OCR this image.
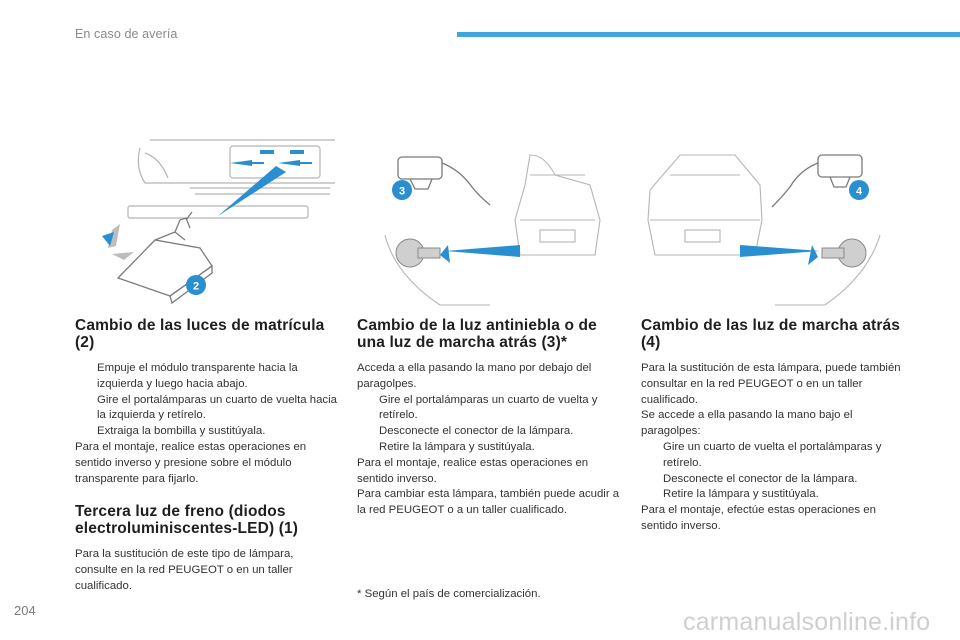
En caso de avería
2
3	4
Cambio de las luces de matrícula (2)
Empuje el módulo transparente hacia la izquierda y luego hacia abajo.
Gire el portalámparas un cuarto de vuelta hacia la izquierda y retírelo.
Extraiga la bombilla y sustitúyala.

Para el montaje, realice estas operaciones en sentido inverso y presione sobre el módulo transparente para fijarlo.

Tercera luz de freno (diodos electroluminiscentes-LED) (1)

Para la sustitución de este tipo de lámpara, consulte en la red PEUGEOT o en un taller cualificado.

Cambio de la luz antiniebla o de una luz de marcha atrás (3)*

Acceda a ella pasando la mano por debajo del paragolpes.

Gire el portalámparas un cuarto de vuelta y retírelo.
Desconecte el conector de la lámpara.
Retire la lámpara y sustitúyala.

Para el montaje, realice estas operaciones en sentido inverso.

Para cambiar esta lámpara, también puede acudir a la red PEUGEOT o a un taller cualificado.

Cambio de las luz de marcha atrás (4)

Para la sustitución de esta lámpara, puede también consultar en la red PEUGEOT o en un taller cualificado.

Se accede a ella pasando la mano bajo el paragolpes:

Gire un cuarto de vuelta el portalámparas y retírelo.
Desconecte el conector de la lámpara.
Retire la lámpara y sustitúyala.

Para el montaje, efectúe estas operaciones en sentido inverso.

* Según el país de comercialización.
204	carmanualsonline.info
